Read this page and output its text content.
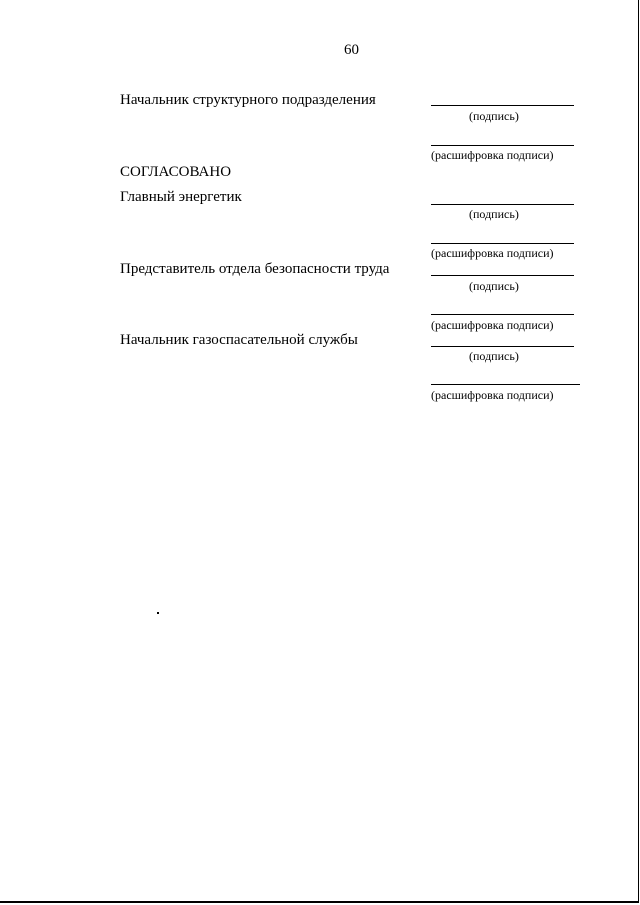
60
Начальник структурного подразделения
(подпись)
(расшифровка подписи)
СОГЛАСОВАНО
Главный энергетик
(подпись)
(расшифровка подписи)
Представитель отдела безопасности труда
(подпись)
(расшифровка подписи)
Начальник газоспасательной службы
(подпись)
(расшифровка подписи)
